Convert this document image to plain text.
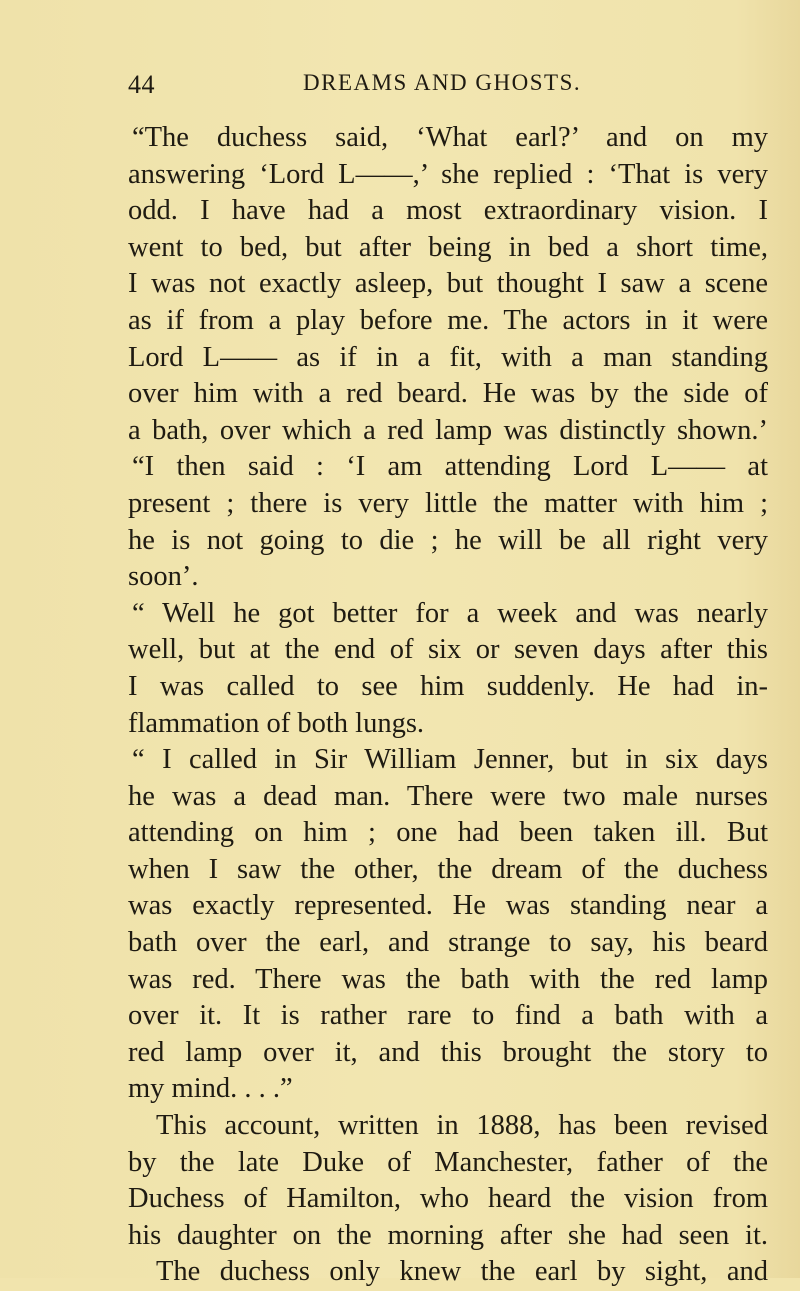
44	DREAMS AND GHOSTS.
“The duchess said, ‘What earl?’ and on my
answering ‘Lord L——,’ she replied : ‘That is very
odd. I have had a most extraordinary vision. I
went to bed, but after being in bed a short time,
I was not exactly asleep, but thought I saw a scene
as if from a play before me. The actors in it were
Lord L—— as if in a fit, with a man standing
over him with a red beard. He was by the side of
a bath, over which a red lamp was distinctly shown.’
“I then said : ‘I am attending Lord L—— at
present ; there is very little the matter with him ;
he is not going to die ; he will be all right very
soon’.
“ Well he got better for a week and was nearly
well, but at the end of six or seven days after this
I was called to see him suddenly. He had in-
flammation of both lungs.
“ I called in Sir William Jenner, but in six days
he was a dead man. There were two male nurses
attending on him ; one had been taken ill. But
when I saw the other, the dream of the duchess
was exactly represented. He was standing near a
bath over the earl, and strange to say, his beard
was red. There was the bath with the red lamp
over it. It is rather rare to find a bath with a
red lamp over it, and this brought the story to
my mind. . . .”
This account, written in 1888, has been revised
by the late Duke of Manchester, father of the
Duchess of Hamilton, who heard the vision from
his daughter on the morning after she had seen it.
The duchess only knew the earl by sight, and
